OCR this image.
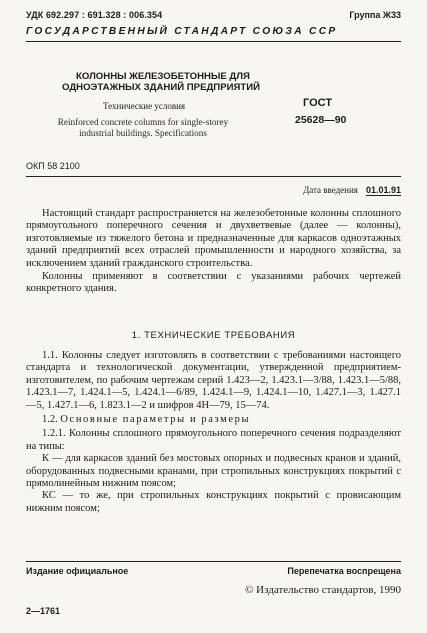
УДК 692.297 : 691.328 : 006.354	Группа Ж33
ГОСУДАРСТВЕННЫЙ СТАНДАРТ СОЮЗА ССР
КОЛОННЫ ЖЕЛЕЗОБЕТОННЫЕ ДЛЯ
ОДНОЭТАЖНЫХ ЗДАНИЙ ПРЕДПРИЯТИЙ
Технические условия
Reinforced concrete columns for single-storey industrial buildings. Specifications
ГОСТ
25628—90
ОКП 58 2100
Дата введения 01.01.91

Настоящий стандарт распространяется на железобетонные колонны сплошного прямоугольного поперечного сечения и двухветвевые (далее — колонны), изготовляемые из тяжелого бетона и предназначенные для каркасов одноэтажных зданий предприятий всех отраслей промышленности и народного хозяйства, за исключением зданий гражданского строительства.

Колонны применяют в соответствии с указаниями рабочих чертежей конкретного здания.

1. ТЕХНИЧЕСКИЕ ТРЕБОВАНИЯ

1.1. Колонны следует изготовлять в соответствии с требованиями настоящего стандарта и технологической документации, утвержденной предприятием-изготовителем, по рабочим чертежам серий 1.423—2, 1.423.1—3/88, 1.423.1—5/88, 1.423.1—7, 1.424.1—5, 1.424.1—6/89, 1.424.1—9, 1.424.1—10, 1.427.1—3, 1.427.1—5, 1.427.1—6, 1.823.1—2 и шифров 4Н—79, 15—74.

1.2. Основные параметры и размеры

1.2.1. Колонны сплошного прямоугольного поперечного сечения подразделяют на типы:

К — для каркасов зданий без мостовых опорных и подвесных кранов и зданий, оборудованных подвесными кранами, при стропильных конструкциях покрытий с прямолинейным нижним поясом;

КС — то же, при стропильных конструкциях покрытий с провисающим нижним поясом;

Издание официальное	Перепечатка воспрещена
© Издательство стандартов, 1990
2—1761
